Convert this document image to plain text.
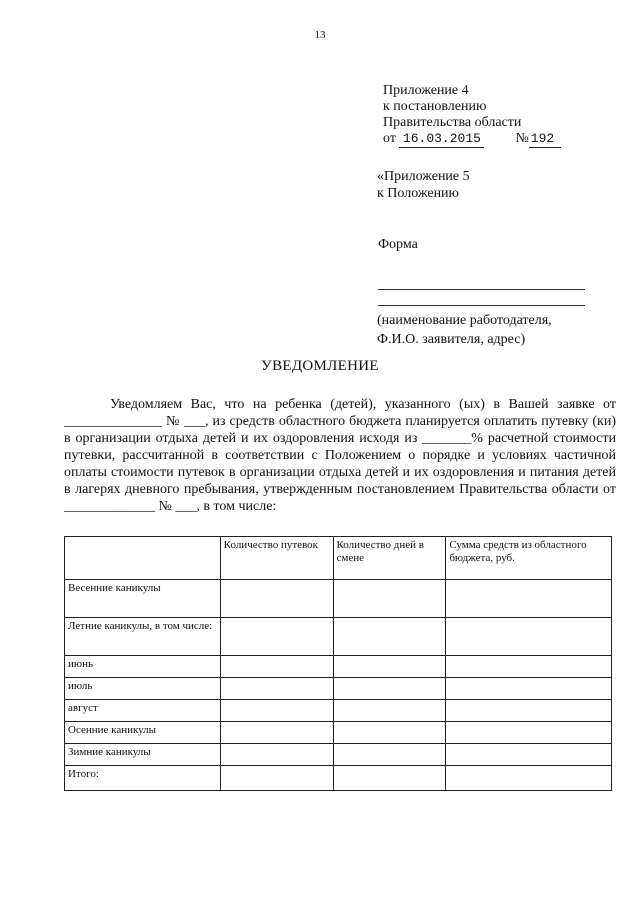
13
Приложение 4
к постановлению
Правительства области
от 16.03.2015 № 192
«Приложение 5
к Положению
Форма
(наименование работодателя,
Ф.И.О. заявителя, адрес)
УВЕДОМЛЕНИЕ

Уведомляем Вас, что на ребенка (детей), указанного (ых) в Вашей заявке от ______________ № ___, из средств областного бюджета планируется оплатить путевку (ки) в организации отдыха детей и их оздоровления исходя из _______% расчетной стоимости путевки, рассчитанной в соответствии с Положением о порядке и условиях частичной оплаты стоимости путевок в организации отдыха детей и их оздоровления и питания детей в лагерях дневного пребывания, утвержденным постановлением Правительства области от _____________ № ___, в том числе:

	Количество путевок	Количество дней в смене	Сумма средств из областного бюджета, руб.
Весенние каникулы			
Летние каникулы, в том числе:			
июнь			
июль			
август			
Осенние каникулы			
Зимние каникулы			
Итого:			
